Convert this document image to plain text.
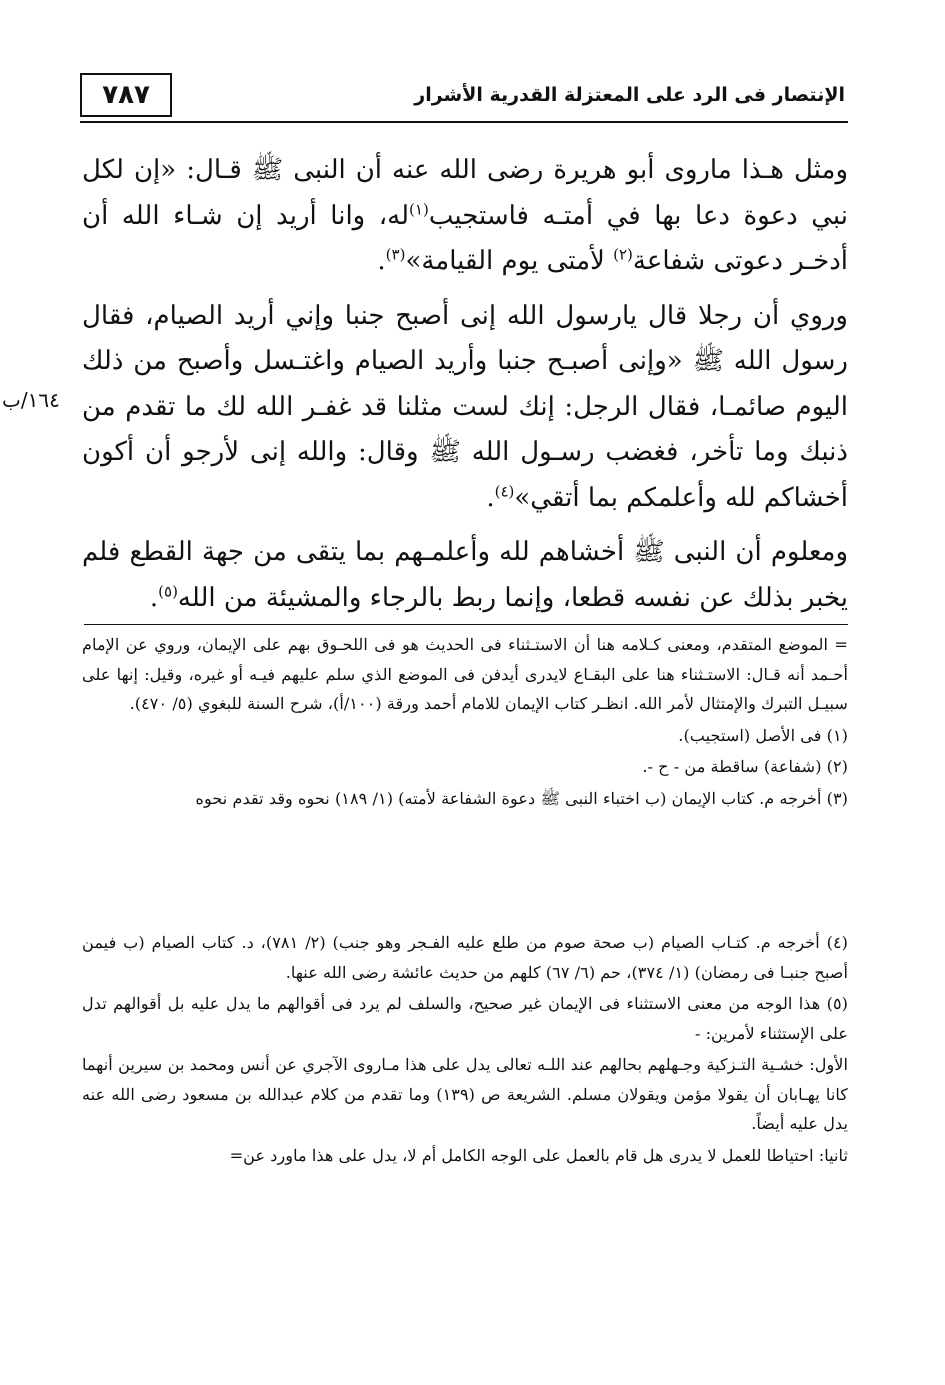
٧٨٧	الإنتصار فى الرد على المعتزلة القدرية الأشرار
١٦٤/ب

ومثل هـذا ماروى أبو هريرة رضى الله عنه أن النبى ﷺ قـال: «إن لكل نبي دعوة دعا بها في أمتـه فاستجيب$^{(١)}$له، وانا أريد إن شـاء الله أن أدخـر دعوتى شفاعة$^{(٢)}$ لأمتى يوم القيامة»$^{(٣)}$.

وروي أن رجلا قال يارسول الله إنى أصبح جنبا وإني أريد الصيام، فقال رسول الله ﷺ «وإنى أصبـح جنبا وأريد الصيام واغتـسل وأصبح من ذلك اليوم صائمـا، فقال الرجل: إنك لست مثلنا قد غفـر الله لك ما تقدم من ذنبك وما تأخر، فغضب رسـول الله ﷺ وقال: والله إنى لأرجو أن أكون أخشاكم لله وأعلمكم بما أتقي»$^{(٤)}$.

ومعلوم أن النبى ﷺ أخشاهم لله وأعلمـهم بما يتقى من جهة القطع فلم يخبر بذلك عن نفسه قطعا، وإنما ربط بالرجاء والمشيئة من الله$^{(٥)}$.

= الموضع المتقدم، ومعنى كـلامه هنا أن الاستـثناء فى الحديث هو فى اللحـوق بهم على الإيمان، وروي عن الإمام أحـمد أنه قـال: الاستـثناء هنا على البقـاع لايدرى أيدفن فى الموضع الذي سلم عليهم فيـه أو غيره، وقيل: إنها على سبيـل التبرك والإمتثال لأمر الله. انظـر كتاب الإيمان للامام أحمد ورقة (١٠٠/أ)، شرح السنة للبغوي (٥/ ٤٧٠).

(١) فى الأصل (استجيب).

(٢) (شفاعة) ساقطة من - ح -.

(٣) أخرجه م. كتاب الإيمان (ب اختباء النبى ﷺ دعوة الشفاعة لأمته) (١/ ١٨٩) نحوه وقد تقدم نحوه

(٤) أخرجه م. كتـاب الصيام (ب صحة صوم من طلع عليه الفـجر وهو جنب) (٢/ ٧٨١)، د. كتاب الصيام (ب فيمن أصبح جنبـا فى رمضان) (١/ ٣٧٤)، حم (٦/ ٦٧) كلهم من حديث عائشة رضى الله عنها.

(٥) هذا الوجه من معنى الاستثناء فى الإيمان غير صحيح، والسلف لم يرد فى أقوالهم ما يدل عليه بل أقوالهم تدل على الإستثناء لأمرين: -

الأول: خشـية التـزكية وجـهلهم بحالهم عند اللـه تعالى يدل على هذا مـاروى الآجري عن أنس ومحمد بن سيرين أنهما كانا يهـابان أن يقولا مؤمن ويقولان مسلم. الشريعة ص (١٣٩) وما تقدم من كلام عبدالله بن مسعود رضى الله عنه يدل عليه أيضاً.

ثانيا: احتياطا للعمل لا يدرى هل قام بالعمل على الوجه الكامل أم لا، يدل على هذا ماورد عن=
